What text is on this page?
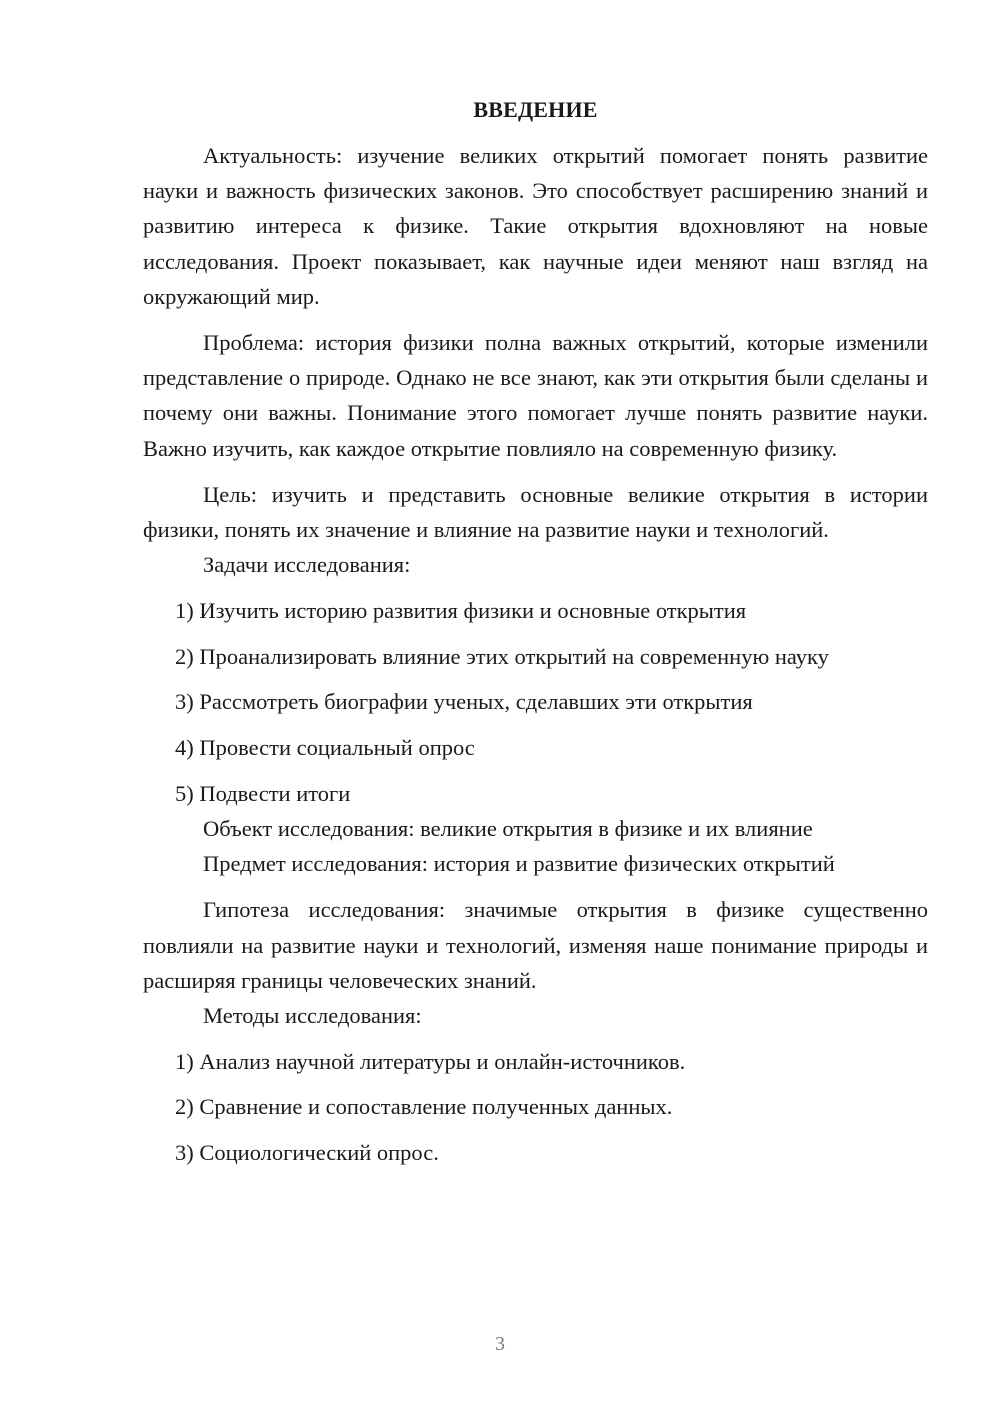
ВВЕДЕНИЕ

Актуальность: изучение великих открытий помогает понять развитие науки и важность физических законов. Это способствует расширению знаний и развитию интереса к физике. Такие открытия вдохновляют на новые исследования. Проект показывает, как научные идеи меняют наш взгляд на окружающий мир.

Проблема: история физики полна важных открытий, которые изменили представление о природе. Однако не все знают, как эти открытия были сделаны и почему они важны. Понимание этого помогает лучше понять развитие науки. Важно изучить, как каждое открытие повлияло на современную физику.

Цель: изучить и представить основные великие открытия в истории физики, понять их значение и влияние на развитие науки и технологий.

Задачи исследования:

1) Изучить историю развития физики и основные открытия
2) Проанализировать влияние этих открытий на современную науку
3) Рассмотреть биографии ученых, сделавших эти открытия
4) Провести социальный опрос
5) Подвести итоги

Объект исследования: великие открытия в физике и их влияние

Предмет исследования: история и развитие физических открытий

Гипотеза исследования: значимые открытия в физике существенно повлияли на развитие науки и технологий, изменяя наше понимание природы и расширяя границы человеческих знаний.

Методы исследования:

1) Анализ научной литературы и онлайн-источников.
2) Сравнение и сопоставление полученных данных.
3) Социологический опрос.
3
